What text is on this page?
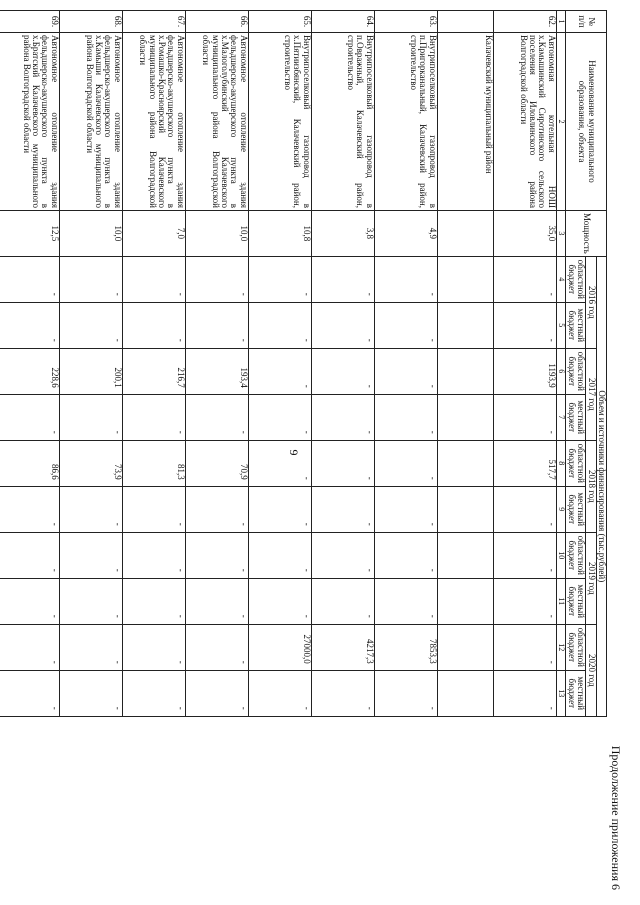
9
Продолжение приложения 6
№ п/п	Наименование муниципального образования, объекта	Мощность	Объем и источники финансирования (тыс.рублей)									
			2016 год		2017 год		2018 год		2019 год		2020 год	
			областной бюджет	местный бюджет	областной бюджет	местный бюджет	областной бюджет	местный бюджет	областной бюджет	местный бюджет	областной бюджет	местный бюджет
1	2	3	4	5	6	7	8	9	10	11	12	13
62.	Автономная котельная НОШ х.Камышинский Сиротинского сельского поселения Иловлинского района Волгоградской области	35,0	-	-	1193,9	-	517,7	-	-	-	-	-
	Калачевский муниципальный район											
63.	Внутрипоселковый газопровод в п.Пригорканальный, Калачевский район, строительство	4,9	-	-	-	-	-	-	-	-	7853,3	-
64.	Внутрипоселковый газопровод в п.Овражный, Калачевский район, строительство	3,8	-	-	-	-	-	-	-	-	4217,3	-
65.	Внутрипоселковый газопровод в х.Пятиизбянский, Калачевский район, строительство	10,8	-	-	-	-	-	-	-	-	27000,0	-
66.	Автономное отопление здания фельдшерско-акушерского пункта в х.Малоголубинский Калачевского муниципального района Волгоградской области	10,0	-	-	193,4	-	70,9	-	-	-	-	-
67.	Автономное отопление здания фельдшерско-акушерского пункта в х.Ромашко-Красноярский Калачевского муниципального района Волгоградской области	7,0	-	-	216,7	-	81,3	-	-	-	-	-
68.	Автономное отопление здания фельдшерско-акушерского пункта в х.Камыши Калачевского муниципального района Волгоградской области	10,0	-	-	200,1	-	73,9	-	-	-	-	-
69.	Автономное отопление здания фельдшерско-акушерского пункта в х.Братский Калачевского муниципального района Волгоградской области	12,5	-	-	228,6	-	86,6	-	-	-	-	-
